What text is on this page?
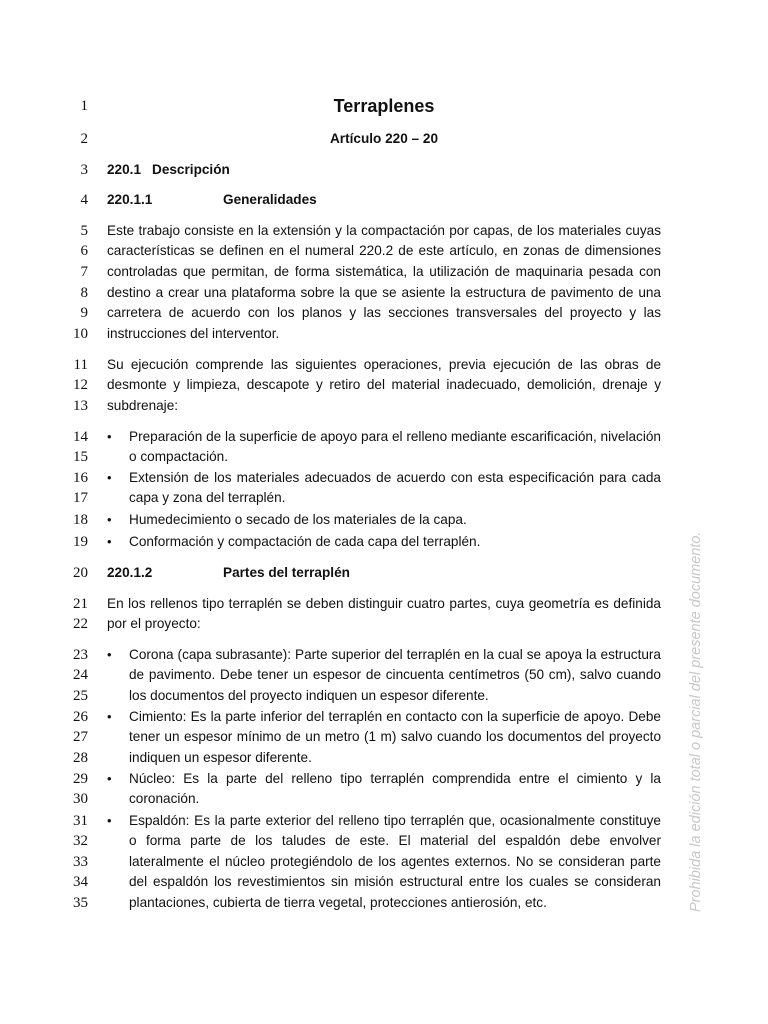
1
2
3
4
5
6
7
8
9
10
11
12
13
14
15
16
17
18
19
20
21
22
23
24
25
26
27
28
29
30
31
32
33
34
35
Terraplenes
Artículo 220 – 20
220.1 Descripción
220.1.1	Generalidades
Este trabajo consiste en la extensión y la compactación por capas, de los materiales cuyas
características se definen en el numeral 220.2 de este artículo, en zonas de dimensiones
controladas que permitan, de forma sistemática, la utilización de maquinaria pesada con
destino a crear una plataforma sobre la que se asiente la estructura de pavimento de una
carretera de acuerdo con los planos y las secciones transversales del proyecto y las
instrucciones del interventor.
Su ejecución comprende las siguientes operaciones, previa ejecución de las obras de
desmonte y limpieza, descapote y retiro del material inadecuado, demolición, drenaje y
subdrenaje:
• Preparación de la superficie de apoyo para el relleno mediante escarificación, nivelación
o compactación.
• Extensión de los materiales adecuados de acuerdo con esta especificación para cada
capa y zona del terraplén.
• Humedecimiento o secado de los materiales de la capa.
• Conformación y compactación de cada capa del terraplén.
220.1.2	Partes del terraplén
En los rellenos tipo terraplén se deben distinguir cuatro partes, cuya geometría es definida
por el proyecto:
• Corona (capa subrasante): Parte superior del terraplén en la cual se apoya la estructura
de pavimento. Debe tener un espesor de cincuenta centímetros (50 cm), salvo cuando
los documentos del proyecto indiquen un espesor diferente.
• Cimiento: Es la parte inferior del terraplén en contacto con la superficie de apoyo. Debe
tener un espesor mínimo de un metro (1 m) salvo cuando los documentos del proyecto
indiquen un espesor diferente.
• Núcleo: Es la parte del relleno tipo terraplén comprendida entre el cimiento y la
coronación.
• Espaldón: Es la parte exterior del relleno tipo terraplén que, ocasionalmente constituye
o forma parte de los taludes de este. El material del espaldón debe envolver
lateralmente el núcleo protegiéndolo de los agentes externos. No se consideran parte
del espaldón los revestimientos sin misión estructural entre los cuales se consideran
plantaciones, cubierta de tierra vegetal, protecciones antierosión, etc.	Prohibida la edición total o parcial del presente documento.
